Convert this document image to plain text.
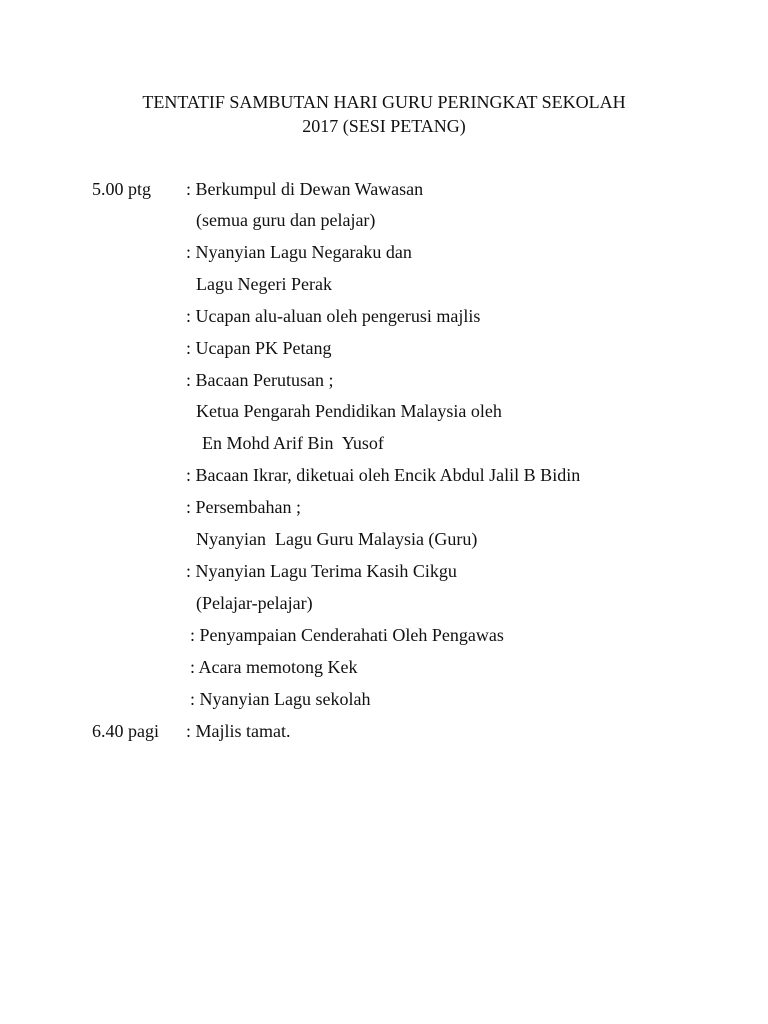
TENTATIF SAMBUTAN HARI GURU PERINGKAT SEKOLAH
2017 (SESI PETANG)
5.00 ptg
6.40 pagi
: Berkumpul di Dewan Wawasan
(semua guru dan pelajar)
: Nyanyian Lagu Negaraku dan
Lagu Negeri Perak
: Ucapan alu-aluan oleh pengerusi majlis
: Ucapan PK Petang
: Bacaan Perutusan ;
Ketua Pengarah Pendidikan Malaysia oleh
En Mohd Arif Bin  Yusof
: Bacaan Ikrar, diketuai oleh Encik Abdul Jalil B Bidin
: Persembahan ;
Nyanyian  Lagu Guru Malaysia (Guru)
: Nyanyian Lagu Terima Kasih Cikgu
(Pelajar-pelajar)
: Penyampaian Cenderahati Oleh Pengawas
: Acara memotong Kek
: Nyanyian Lagu sekolah
: Majlis tamat.
